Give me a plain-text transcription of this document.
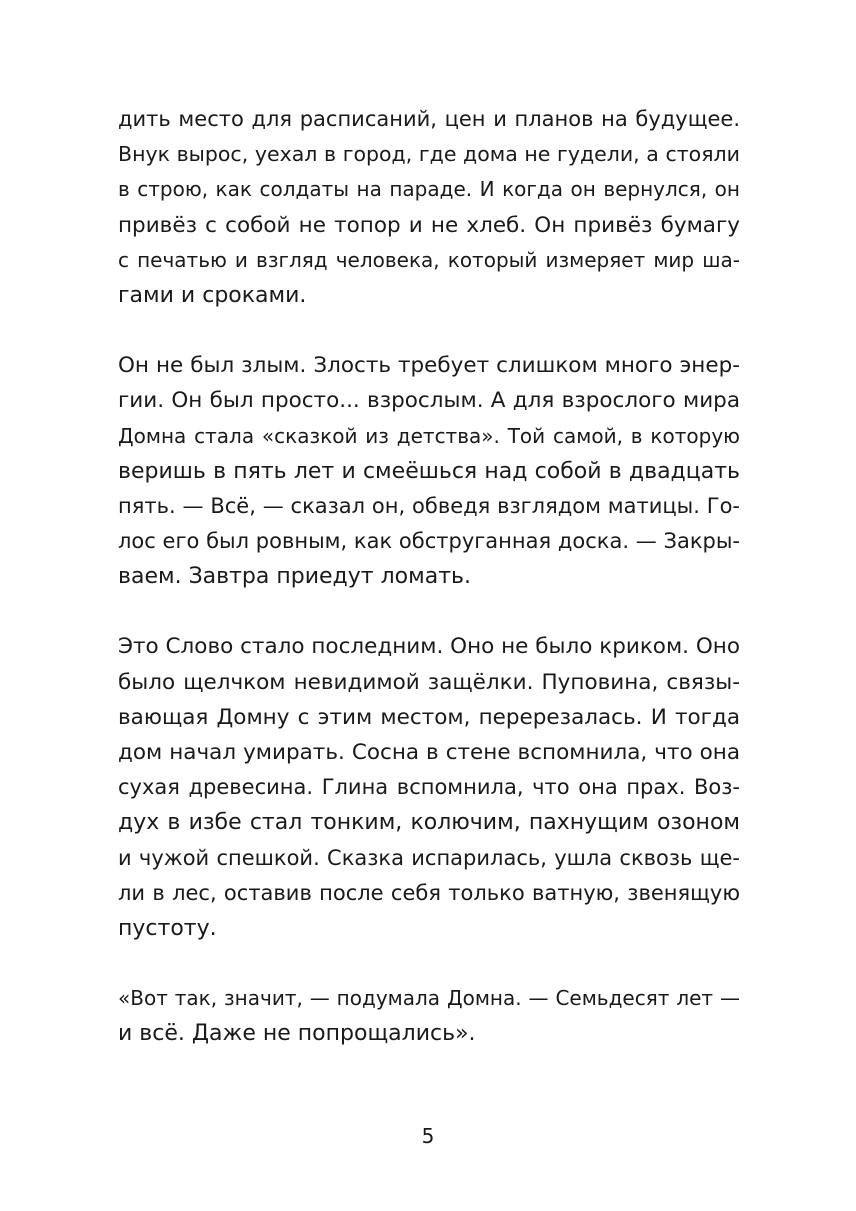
дить место для расписаний, цен и планов на будущее.
Внук вырос, уехал в город, где дома не гудели, а стояли
в строю, как солдаты на параде. И когда он вернулся, он
привёз с собой не топор и не хлеб. Он привёз бумагу
с печатью и взгляд человека, который измеряет мир ша-
гами и сроками.
Он не был злым. Злость требует слишком много энер-
гии. Он был просто... взрослым. А для взрослого мира
Домна стала «сказкой из детства». Той самой, в которую
веришь в пять лет и смеёшься над собой в двадцать
пять. — Всё, — сказал он, обведя взглядом матицы. Го-
лос его был ровным, как обструганная доска. — Закры-
ваем. Завтра приедут ломать.
Это Слово стало последним. Оно не было криком. Оно
было щелчком невидимой защёлки. Пуповина, связы-
вающая Домну с этим местом, перерезалась. И тогда
дом начал умирать. Сосна в стене вспомнила, что она
сухая древесина. Глина вспомнила, что она прах. Воз-
дух в избе стал тонким, колючим, пахнущим озоном
и чужой спешкой. Сказка испарилась, ушла сквозь ще-
ли в лес, оставив после себя только ватную, звенящую
пустоту.
«Вот так, значит, — подумала Домна. — Семьдесят лет —
и всё. Даже не попрощались».
5
